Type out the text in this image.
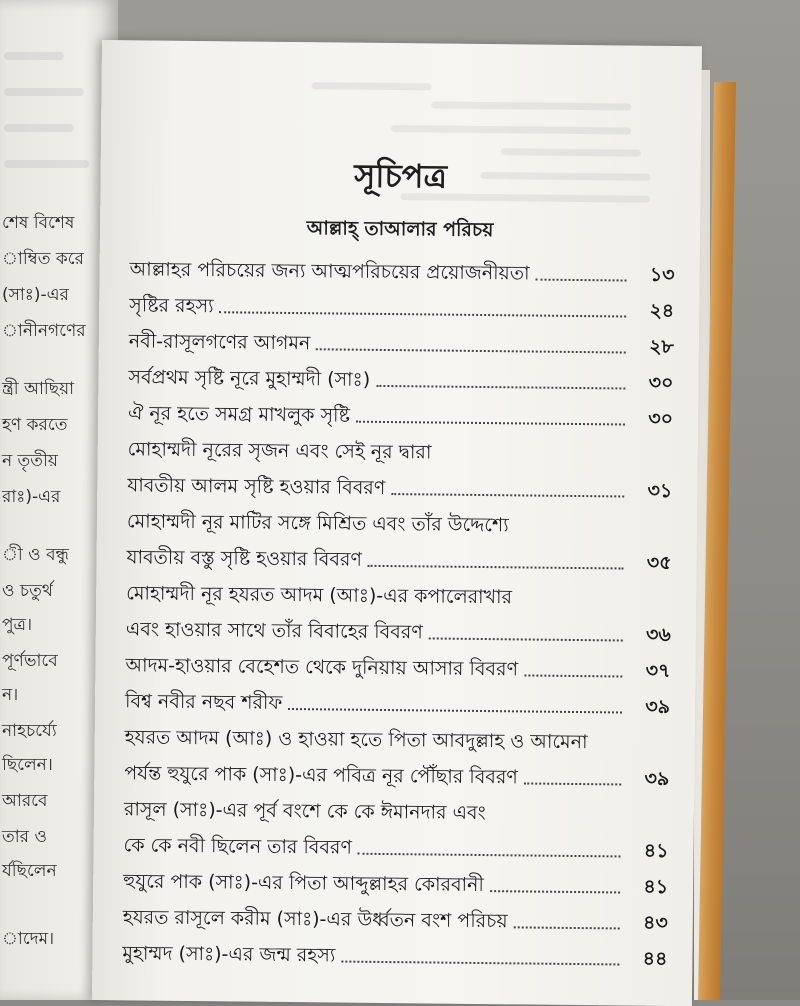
শেষ বিশেষ
াম্বিত করে
(সাঃ)-এর
ানীনগণের
ন্ত্রী আছিয়া
হণ করতে
ন তৃতীয়
রাঃ)-এর
ী ও বন্ধু
ও চতুর্থ
পুত্র।
পূর্ণভাবে
ন।
নাহচর্য্যে
ছিলেন।
আরবে
তার ও
র্যছিলেন
াদেম।
সূচিপত্র
আল্লাহ্ তাআলার পরিচয়
আল্লাহর পরিচয়ের জন্য আত্মপরিচয়ের প্রয়োজনীয়তা	১৩
সৃষ্টির রহস্য	২৪
নবী-রাসূলগণের আগমন	২৮
সর্বপ্রথম সৃষ্টি নূরে মুহাম্মদী (সাঃ)	৩০
ঐ নূর হতে সমগ্র মাখলুক সৃষ্টি	৩০
মোহাম্মদী নূরের সৃজন এবং সেই নূর দ্বারা
যাবতীয় আলম সৃষ্টি হওয়ার বিবরণ	৩১
মোহাম্মদী নূর মাটির সঙ্গে মিশ্রিত এবং তাঁর উদ্দেশ্যে
যাবতীয় বস্তু সৃষ্টি হওয়ার বিবরণ	৩৫
মোহাম্মদী নূর হযরত আদম (আঃ)-এর কপালেরাখার
এবং হাওয়ার সাথে তাঁর বিবাহের বিবরণ	৩৬
আদম-হাওয়ার বেহেশত থেকে দুনিয়ায় আসার বিবরণ	৩৭
বিশ্ব নবীর নছব শরীফ	৩৯
হযরত আদম (আঃ) ও হাওয়া হতে পিতা আবদুল্লাহ ও আমেনা
পর্যন্ত হুযুরে পাক (সাঃ)-এর পবিত্র নূর পৌঁছার বিবরণ	৩৯
রাসূল (সাঃ)-এর পূর্ব বংশে কে কে ঈমানদার এবং
কে কে নবী ছিলেন তার বিবরণ	৪১
হুযুরে পাক (সাঃ)-এর পিতা আব্দুল্লাহর কোরবানী	৪১
হযরত রাসূলে করীম (সাঃ)-এর উর্ধ্বতন বংশ পরিচয়	৪৩
মুহাম্মদ (সাঃ)-এর জন্ম রহস্য	৪৪
